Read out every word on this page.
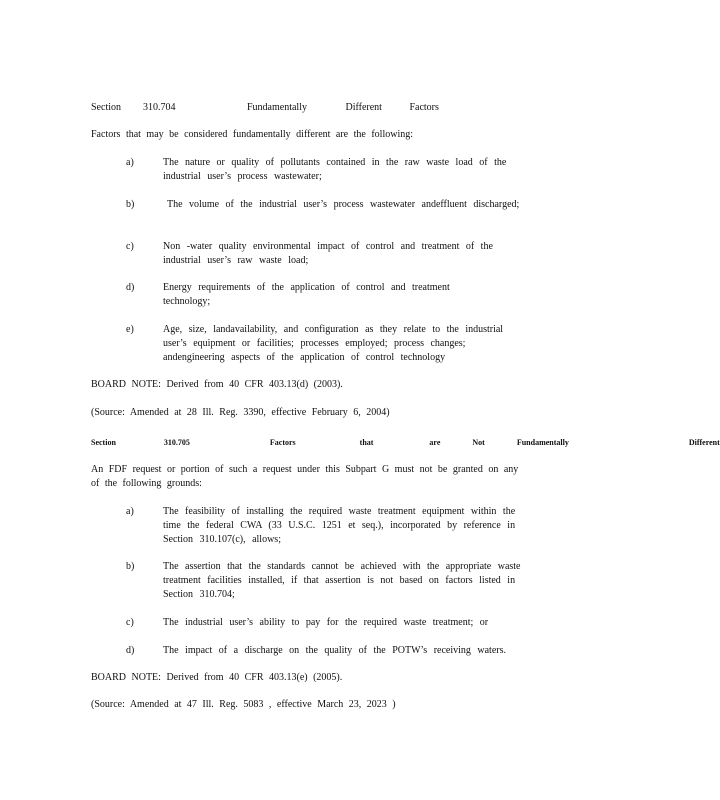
Section    310.704             Fundamentally       Different     Factors
Factors that may be considered fundamentally different are the following:
a)	The nature or quality of pollutants contained in the raw waste load of the industrial user’s process wastewater;
b)	The volume of the industrial user’s process wastewater andeffluent discharged;
c)	Non -water quality environmental impact of control and treatment of the industrial user’s raw waste load;
d)	Energy requirements of the application of control and treatment technology;
e)	Age, size, landavailability, and configuration as they relate to the industrial user’s equipment or facilities; processes employed; process changes; andengineering aspects of the application of control technology
BOARD NOTE: Derived from 40 CFR 403.13(d) (2003).
(Source: Amended at 28 Ill. Reg. 3390, effective February 6, 2004)
Section      310.705          Factors        that       are    Not    Fundamentally               Different
An FDF request or portion of such a request under this Subpart G must not be granted on any of the following grounds:
a)	The feasibility of installing the required waste treatment equipment within the time the federal CWA (33 U.S.C. 1251 et seq.), incorporated by reference in Section 310.107(c), allows;
b)	The assertion that the standards cannot be achieved with the appropriate waste treatment facilities installed, if that assertion is not based on factors listed in Section 310.704;
c)	The industrial user’s ability to pay for the required waste treatment; or
d)	The impact of a discharge on the quality of the POTW’s receiving waters.
BOARD NOTE: Derived from 40 CFR 403.13(e) (2005).
(Source: Amended at 47 Ill. Reg. 5083 , effective March 23, 2023 )
